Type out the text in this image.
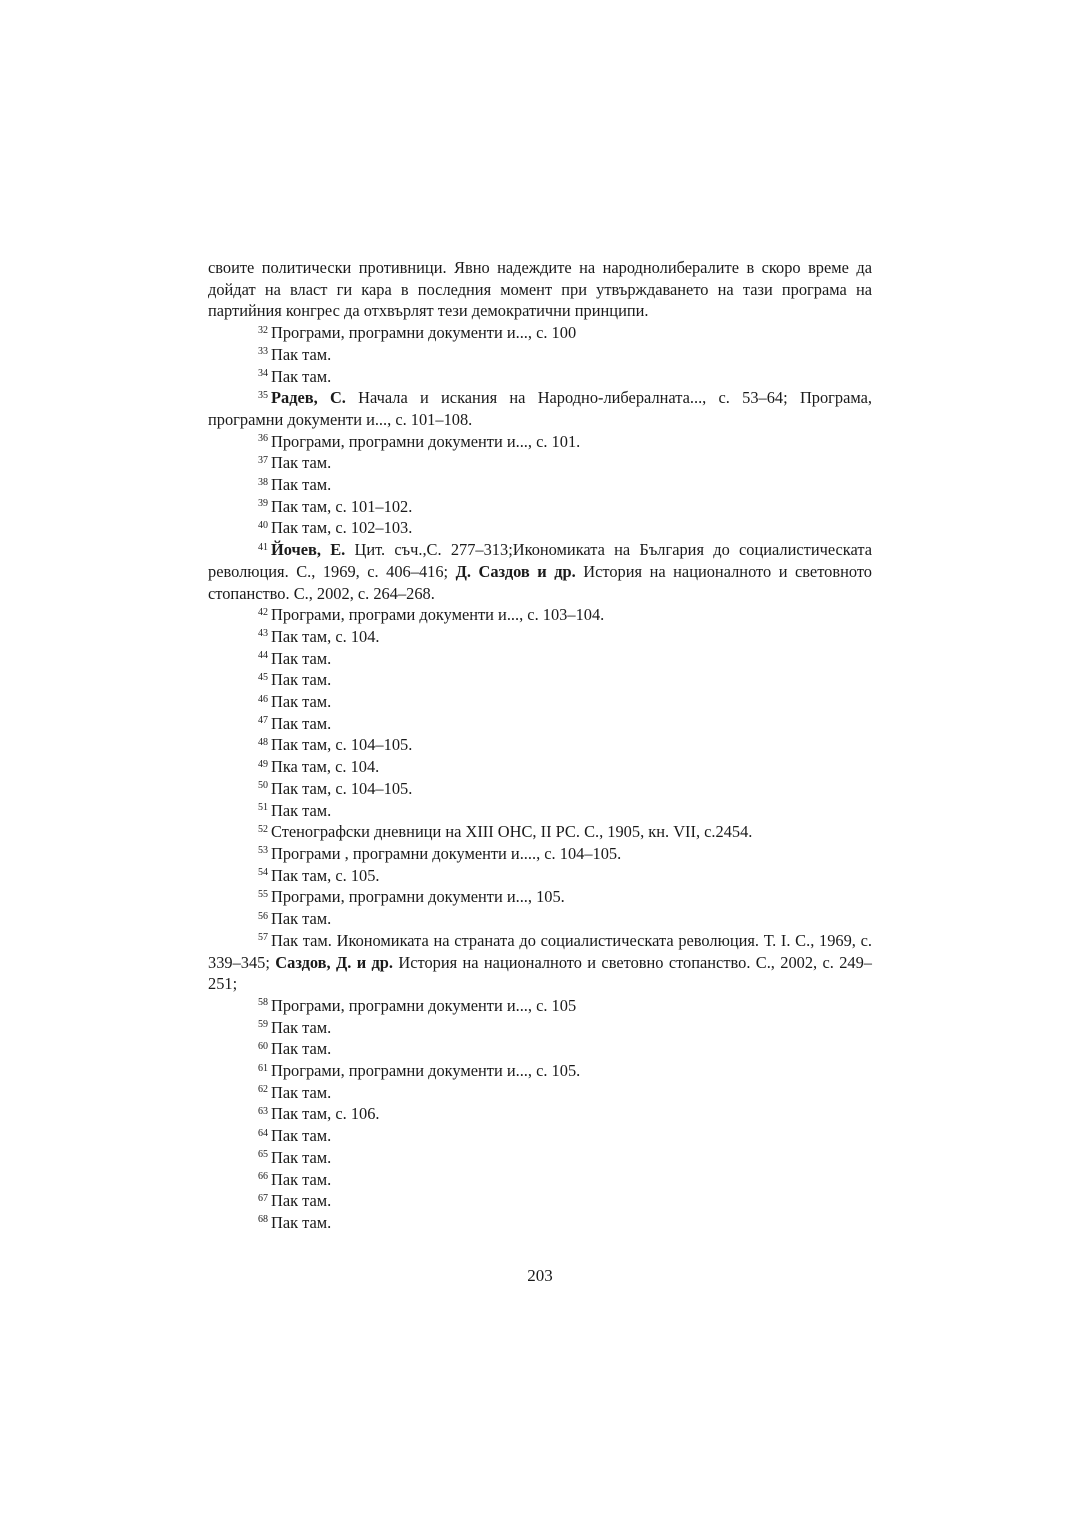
своите политически противници. Явно надеждите на народнолибералите в скоро време да дойдат на власт ги кара в последния момент при утвърждаването на тази програма на партийния конгрес да отхвърлят тези демократични принципи.

$^{32}$ Програми, програмни документи и..., с. 100

$^{33}$ Пак там.

$^{34}$ Пак там.

$^{35}$ Радев, С. Начала и искания на Народно-либералната..., с. 53–64; Програма, програмни документи и..., с. 101–108.

$^{36}$ Програми, програмни документи и..., с. 101.

$^{37}$ Пак там.

$^{38}$ Пак там.

$^{39}$ Пак там, с. 101–102.

$^{40}$ Пак там, с. 102–103.

$^{41}$ Йочев, Е. Цит. съч.,С. 277–313;Икономиката на България до социалистическата революция. С., 1969, с. 406–416; Д. Саздов и др. История на националното и световното стопанство. С., 2002, с. 264–268.

$^{42}$ Програми, програми документи и..., с. 103–104.

$^{43}$ Пак там, с. 104.

$^{44}$ Пак там.

$^{45}$ Пак там.

$^{46}$ Пак там.

$^{47}$ Пак там.

$^{48}$ Пак там, с. 104–105.

$^{49}$ Пка там, с. 104.

$^{50}$ Пак там, с. 104–105.

$^{51}$ Пак там.

$^{52}$ Стенографски дневници на XIII ОНС, II РС. С., 1905, кн. VII, с.2454.

$^{53}$ Програми , програмни документи и...., с. 104–105.

$^{54}$ Пак там, с. 105.

$^{55}$ Програми, програмни документи и..., 105.

$^{56}$ Пак там.

$^{57}$ Пак там. Икономиката на страната до социалистическата революция. Т. I. С., 1969, с. 339–345; Саздов, Д. и др. История на националното и световно стопанство. С., 2002, с. 249–251;

$^{58}$ Програми, програмни документи и..., с. 105

$^{59}$ Пак там.

$^{60}$ Пак там.

$^{61}$ Програми, програмни документи и..., с. 105.

$^{62}$ Пак там.

$^{63}$ Пак там, с. 106.

$^{64}$ Пак там.

$^{65}$ Пак там.

$^{66}$ Пак там.

$^{67}$ Пак там.

$^{68}$ Пак там.

203
